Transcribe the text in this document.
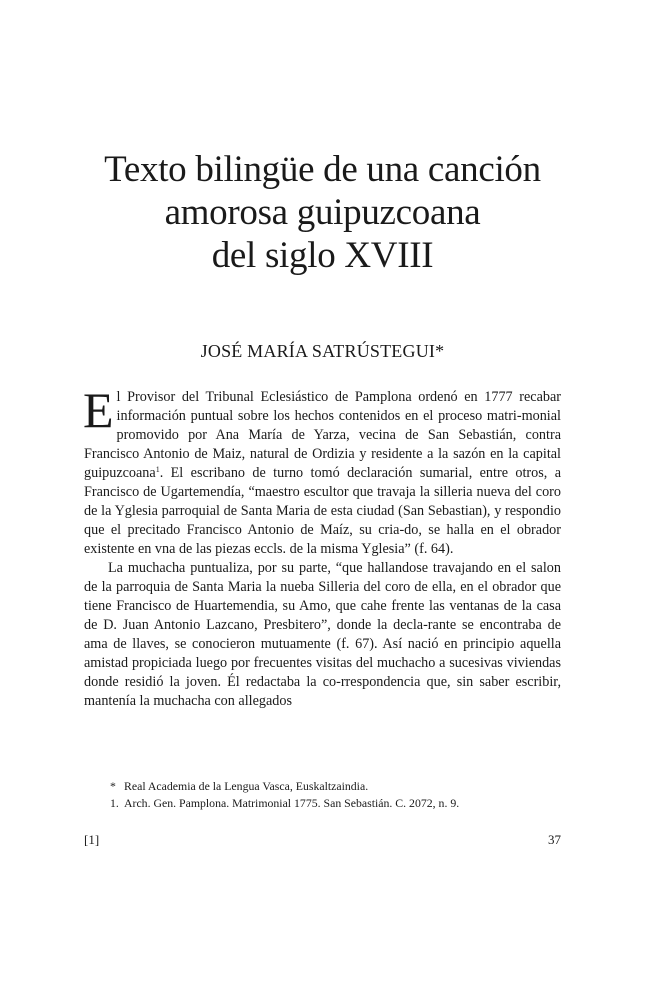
Texto bilingüe de una canción
amorosa guipuzcoana
del siglo XVIII
JOSÉ MARÍA SATRÚSTEGUI*

El Provisor del Tribunal Eclesiástico de Pamplona ordenó en 1777 recabar información puntual sobre los hechos contenidos en el proceso matri-monial promovido por Ana María de Yarza, vecina de San Sebastián, contra Francisco Antonio de Maiz, natural de Ordizia y residente a la sazón en la capital guipuzcoana$^1$. El escribano de turno tomó declaración sumarial, entre otros, a Francisco de Ugartemendía, “maestro escultor que travaja la silleria nueva del coro de la Yglesia parroquial de Santa Maria de esta ciudad (San Sebastian), y respondio que el precitado Francisco Antonio de Maíz, su cria-do, se halla en el obrador existente en vna de las piezas eccls. de la misma Yglesia” (f. 64).

La muchacha puntualiza, por su parte, “que hallandose travajando en el salon de la parroquia de Santa Maria la nueba Silleria del coro de ella, en el obrador que tiene Francisco de Huartemendia, su Amo, que cahe frente las ventanas de la casa de D. Juan Antonio Lazcano, Presbitero”, donde la decla-rante se encontraba de ama de llaves, se conocieron mutuamente (f. 67). Así nació en principio aquella amistad propiciada luego por frecuentes visitas del muchacho a sucesivas viviendas donde residió la joven. Él redactaba la co-rrespondencia que, sin saber escribir, mantenía la muchacha con allegados

* Real Academia de la Lengua Vasca, Euskaltzaindia.

1. Arch. Gen. Pamplona. Matrimonial 1775. San Sebastián. C. 2072, n. 9.

[1]	37
